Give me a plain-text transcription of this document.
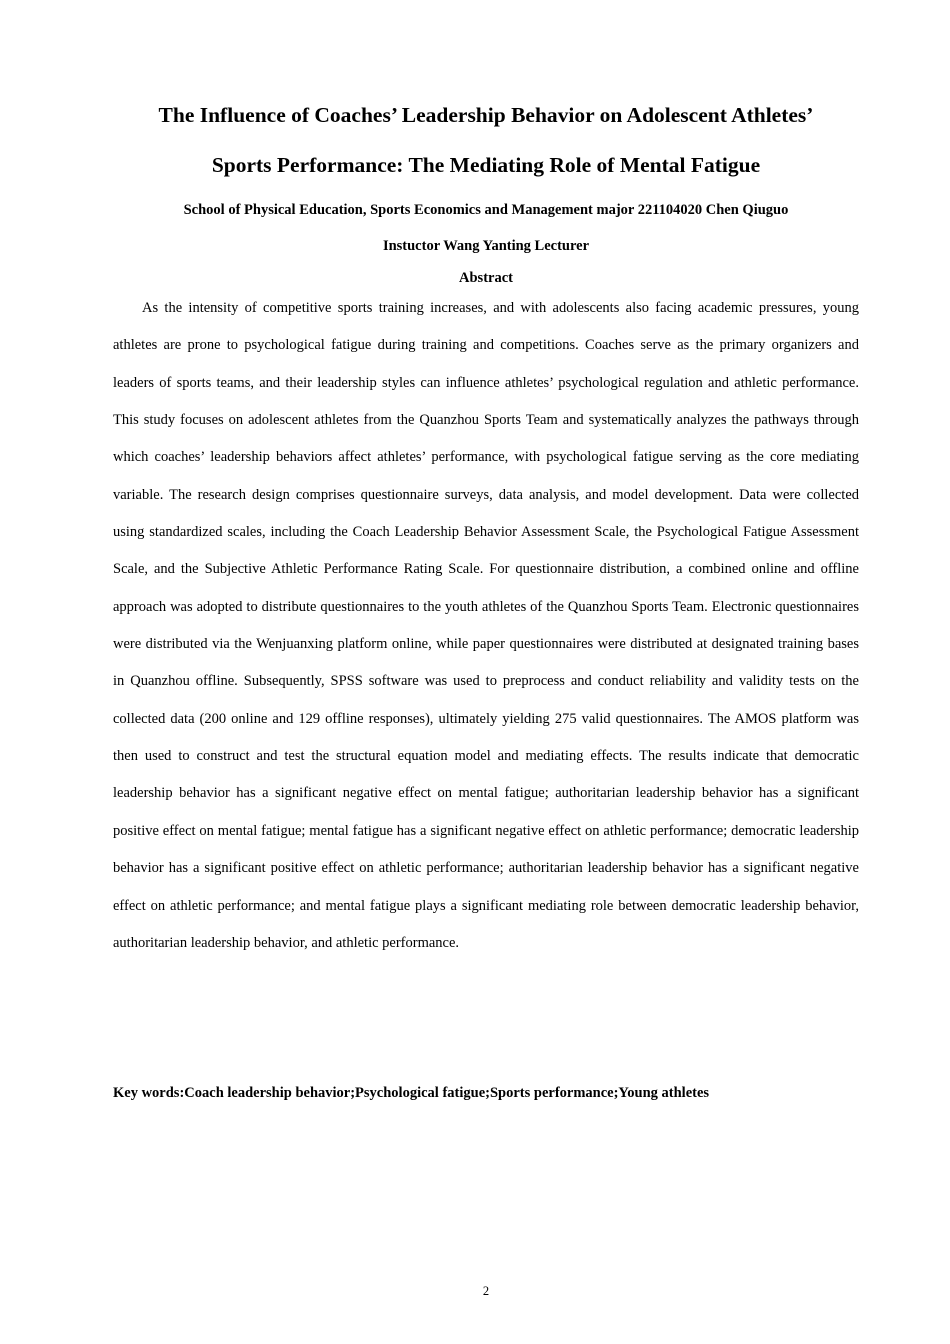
The Influence of Coaches’ Leadership Behavior on Adolescent Athletes’
Sports Performance: The Mediating Role of Mental Fatigue
School of Physical Education, Sports Economics and Management major 221104020 Chen Qiuguo
Instuctor Wang Yanting Lecturer
Abstract

As the intensity of competitive sports training increases, and with adolescents also facing academic pressures, young athletes are prone to psychological fatigue during training and competitions. Coaches serve as the primary organizers and leaders of sports teams, and their leadership styles can influence athletes’ psychological regulation and athletic performance. This study focuses on adolescent athletes from the Quanzhou Sports Team and systematically analyzes the pathways through which coaches’ leadership behaviors affect athletes’ performance, with psychological fatigue serving as the core mediating variable. The research design comprises questionnaire surveys, data analysis, and model development. Data were collected using standardized scales, including the Coach Leadership Behavior Assessment Scale, the Psychological Fatigue Assessment Scale, and the Subjective Athletic Performance Rating Scale. For questionnaire distribution, a combined online and offline approach was adopted to distribute questionnaires to the youth athletes of the Quanzhou Sports Team. Electronic questionnaires were distributed via the Wenjuanxing platform online, while paper questionnaires were distributed at designated training bases in Quanzhou offline. Subsequently, SPSS software was used to preprocess and conduct reliability and validity tests on the collected data (200 online and 129 offline responses), ultimately yielding 275 valid questionnaires. The AMOS platform was then used to construct and test the structural equation model and mediating effects. The results indicate that democratic leadership behavior has a significant negative effect on mental fatigue; authoritarian leadership behavior has a significant positive effect on mental fatigue; mental fatigue has a significant negative effect on athletic performance; democratic leadership behavior has a significant positive effect on athletic performance; authoritarian leadership behavior has a significant negative effect on athletic performance; and mental fatigue plays a significant mediating role between democratic leadership behavior, authoritarian leadership behavior, and athletic performance.

Key words:Coach leadership behavior;Psychological fatigue;Sports performance;Young athletes
2
